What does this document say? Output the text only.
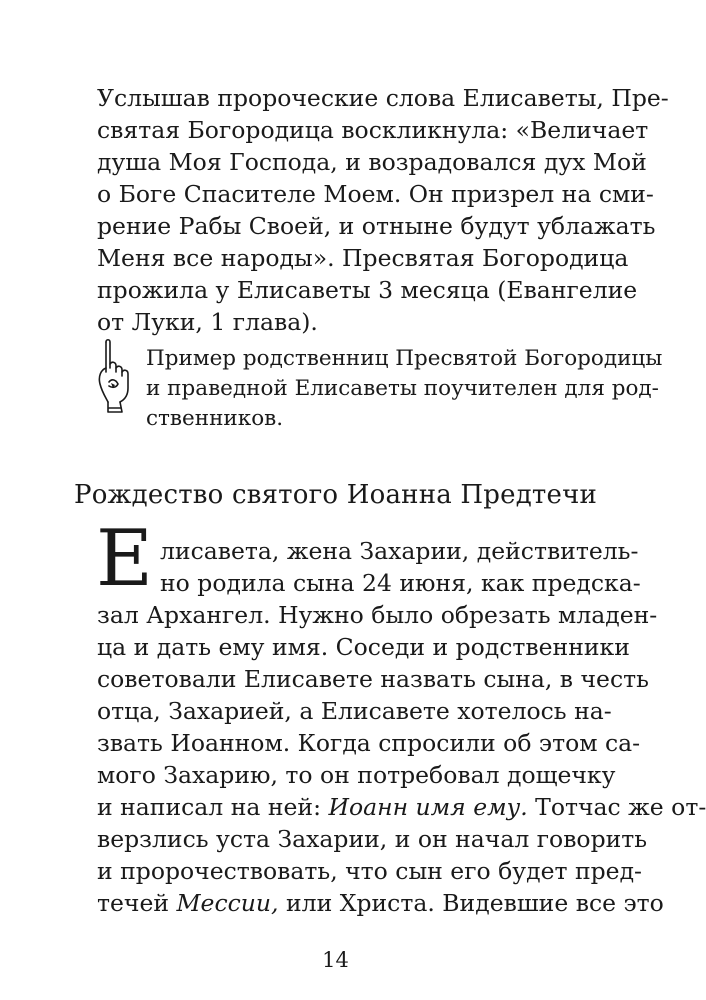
Услышав пророческие слова Елисаветы, Пре-
святая Богородица воскликнула: «Величает
душа Моя Господа, и возрадовался дух Мой
о Боге Спасителе Моем. Он призрел на сми-
рение Рабы Своей, и отныне будут ублажать
Меня все народы». Пресвятая Богородица
прожила у Елисаветы 3 месяца (Евангелие
от Луки, 1 глава).
Пример родственниц Пресвятой Богородицы
и праведной Елисаветы поучителен для род-
ственников.
Рождество святого Иоанна Предтечи
Е лисавета, жена Захарии, действитель-
но родила сына 24 июня, как предска-
зал Архангел. Нужно было обрезать младен-
ца и дать ему имя. Соседи и родственники
советовали Елисавете назвать сына, в честь
отца, Захарией, а Елисавете хотелось на-
звать Иоанном. Когда спросили об этом са-
мого Захарию, то он потребовал дощечку
и написал на ней: Иоанн имя ему. Тотчас же от-
верзлись уста Захарии, и он начал говорить
и пророчествовать, что сын его будет пред-
течей Мессии, или Христа. Видевшие все это
14
